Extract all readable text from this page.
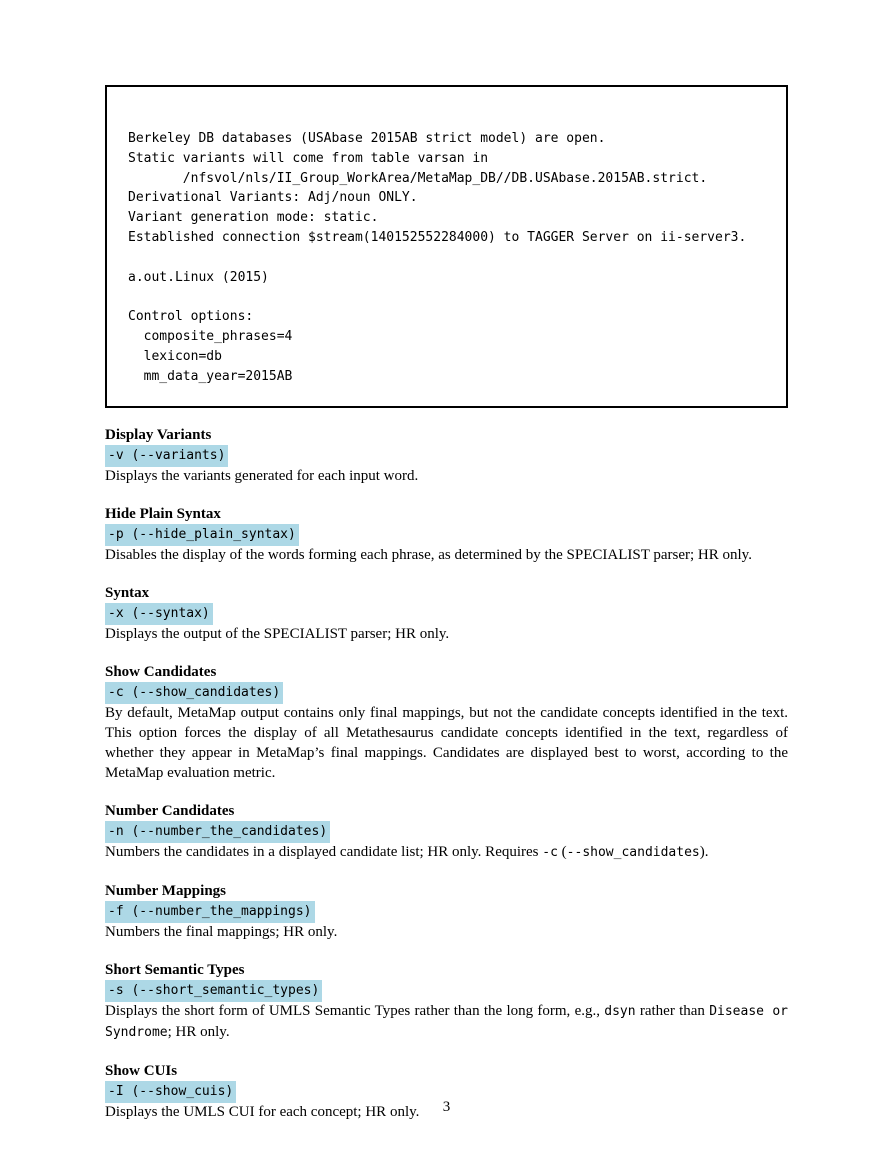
Berkeley DB databases (USAbase 2015AB strict model) are open.
Static variants will come from table varsan in
/nfsvol/nls/II_Group_WorkArea/MetaMap_DB//DB.USAbase.2015AB.strict.
Derivational Variants: Adj/noun ONLY.
Variant generation mode: static.
Established connection $stream(140152552284000) to TAGGER Server on ii-server3.
a.out.Linux (2015)
Control options:
composite_phrases=4
lexicon=db
mm_data_year=2015AB
Display Variants
-v (--variants)
Displays the variants generated for each input word.
Hide Plain Syntax
-p (--hide_plain_syntax)
Disables the display of the words forming each phrase, as determined by the SPECIALIST parser; HR only.
Syntax
-x (--syntax)
Displays the output of the SPECIALIST parser; HR only.
Show Candidates
-c (--show_candidates)
By default, MetaMap output contains only final mappings, but not the candidate concepts identified in the text. This option forces the display of all Metathesaurus candidate concepts identified in the text, regardless of whether they appear in MetaMap’s final mappings. Candidates are displayed best to worst, according to the MetaMap evaluation metric.
Number Candidates
-n (--number_the_candidates)
Numbers the candidates in a displayed candidate list; HR only. Requires -c (--show_candidates).
Number Mappings
-f (--number_the_mappings)
Numbers the final mappings; HR only.
Short Semantic Types
-s (--short_semantic_types)
Displays the short form of UMLS Semantic Types rather than the long form, e.g., dsyn rather than Disease or Syndrome; HR only.
Show CUIs
-I (--show_cuis)
Displays the UMLS CUI for each concept; HR only.	3
